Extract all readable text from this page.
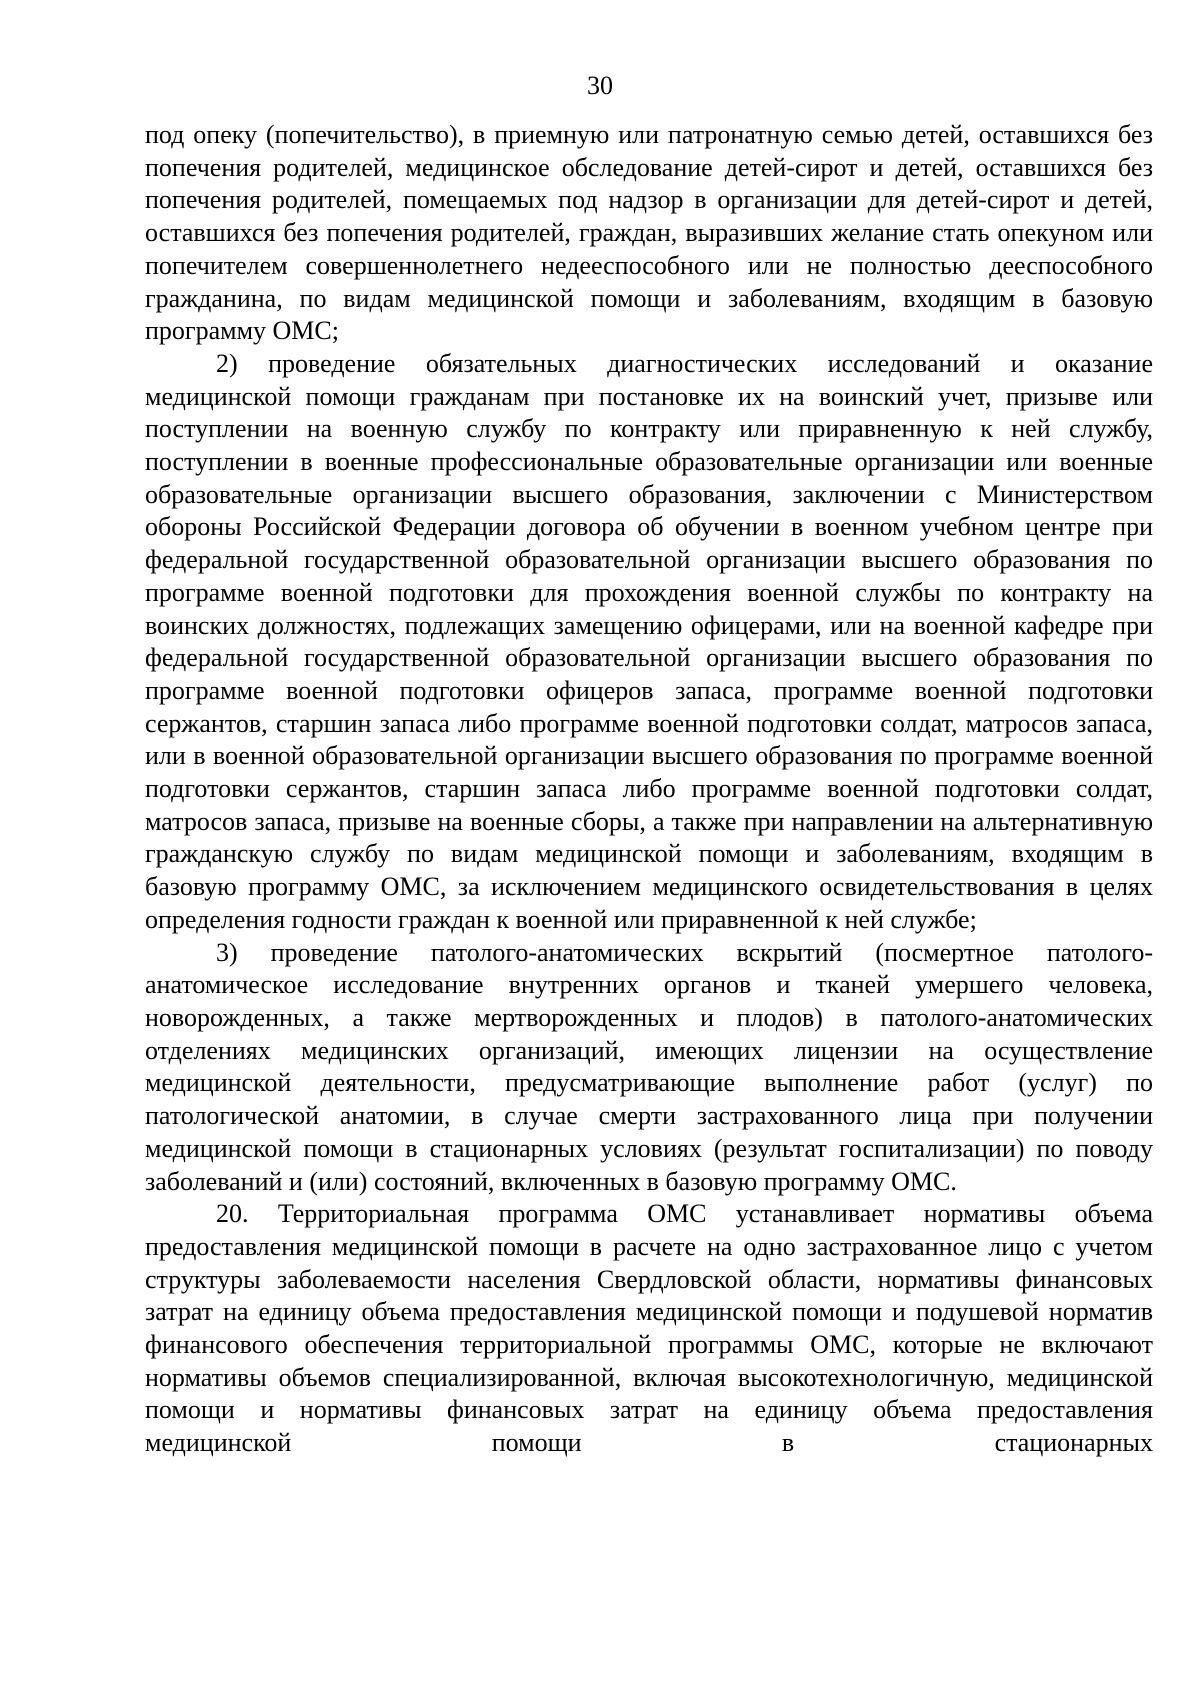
30

под опеку (попечительство), в приемную или патронатную семью детей, оставшихся без попечения родителей, медицинское обследование детей-сирот и детей, оставшихся без попечения родителей, помещаемых под надзор в организации для детей-сирот и детей, оставшихся без попечения родителей, граждан, выразивших желание стать опекуном или попечителем совершеннолетнего недееспособного или не полностью дееспособного гражданина, по видам медицинской помощи и заболеваниям, входящим в базовую программу ОМС;

2) проведение обязательных диагностических исследований и оказание медицинской помощи гражданам при постановке их на воинский учет, призыве или поступлении на военную службу по контракту или приравненную к ней службу, поступлении в военные профессиональные образовательные организации или военные образовательные организации высшего образования, заключении с Министерством обороны Российской Федерации договора об обучении в военном учебном центре при федеральной государственной образовательной организации высшего образования по программе военной подготовки для прохождения военной службы по контракту на воинских должностях, подлежащих замещению офицерами, или на военной кафедре при федеральной государственной образовательной организации высшего образования по программе военной подготовки офицеров запаса, программе военной подготовки сержантов, старшин запаса либо программе военной подготовки солдат, матросов запаса, или в военной образовательной организации высшего образования по программе военной подготовки сержантов, старшин запаса либо программе военной подготовки солдат, матросов запаса, призыве на военные сборы, а также при направлении на альтернативную гражданскую службу по видам медицинской помощи и заболеваниям, входящим в базовую программу ОМС, за исключением медицинского освидетельствования в целях определения годности граждан к военной или приравненной к ней службе;

3) проведение патолого-анатомических вскрытий (посмертное патолого-анатомическое исследование внутренних органов и тканей умершего человека, новорожденных, а также мертворожденных и плодов) в патолого-анатомических отделениях медицинских организаций, имеющих лицензии на осуществление медицинской деятельности, предусматривающие выполнение работ (услуг) по патологической анатомии, в случае смерти застрахованного лица при получении медицинской помощи в стационарных условиях (результат госпитализации) по поводу заболеваний и (или) состояний, включенных в базовую программу ОМС.

20. Территориальная программа ОМС устанавливает нормативы объема предоставления медицинской помощи в расчете на одно застрахованное лицо с учетом структуры заболеваемости населения Свердловской области, нормативы финансовых затрат на единицу объема предоставления медицинской помощи и подушевой норматив финансового обеспечения территориальной программы ОМС, которые не включают нормативы объемов специализированной, включая высокотехнологичную, медицинской помощи и нормативы финансовых затрат на единицу объема предоставления медицинской помощи в стационарных
